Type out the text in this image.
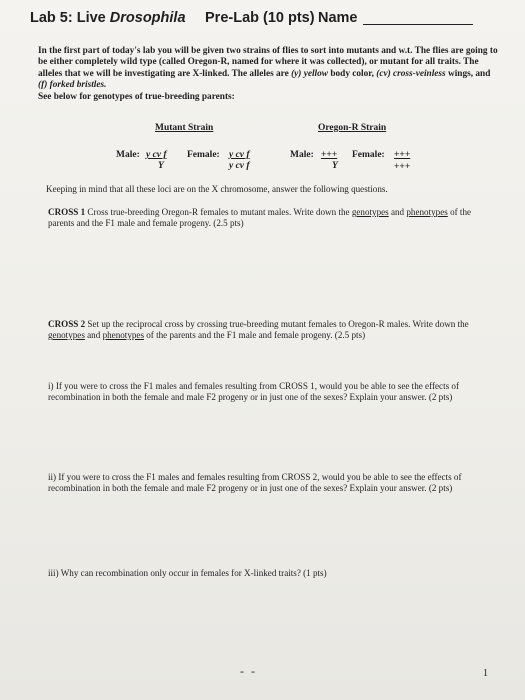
Lab 5: Live Drosophila Pre-Lab (10 pts) Name
In the first part of today's lab you will be given two strains of flies to sort into mutants and w.t. The flies are going to be either completely wild type (called Oregon-R, named for where it was collected), or mutant for all traits. The alleles that we will be investigating are X-linked. The alleles are (y) yellow body color, (cv) cross-veinless wings, and (f) forked bristles.
See below for genotypes of true-breeding parents:
Mutant Strain	Oregon-R Strain
Male: y cv f
Y
Female: y cv f
y cv f
Male: +++
Y
Female: +++
+++
Keeping in mind that all these loci are on the X chromosome, answer the following questions.
CROSS 1 Cross true-breeding Oregon-R females to mutant males. Write down the genotypes and phenotypes of the parents and the F1 male and female progeny. (2.5 pts)
CROSS 2 Set up the reciprocal cross by crossing true-breeding mutant females to Oregon-R males. Write down the genotypes and phenotypes of the parents and the F1 male and female progeny. (2.5 pts)
i) If you were to cross the F1 males and females resulting from CROSS 1, would you be able to see the effects of recombination in both the female and male F2 progeny or in just one of the sexes? Explain your answer. (2 pts)
ii) If you were to cross the F1 males and females resulting from CROSS 2, would you be able to see the effects of recombination in both the female and male F2 progeny or in just one of the sexes? Explain your answer. (2 pts)
iii) Why can recombination only occur in females for X-linked traits? (1 pts)
- -	1
